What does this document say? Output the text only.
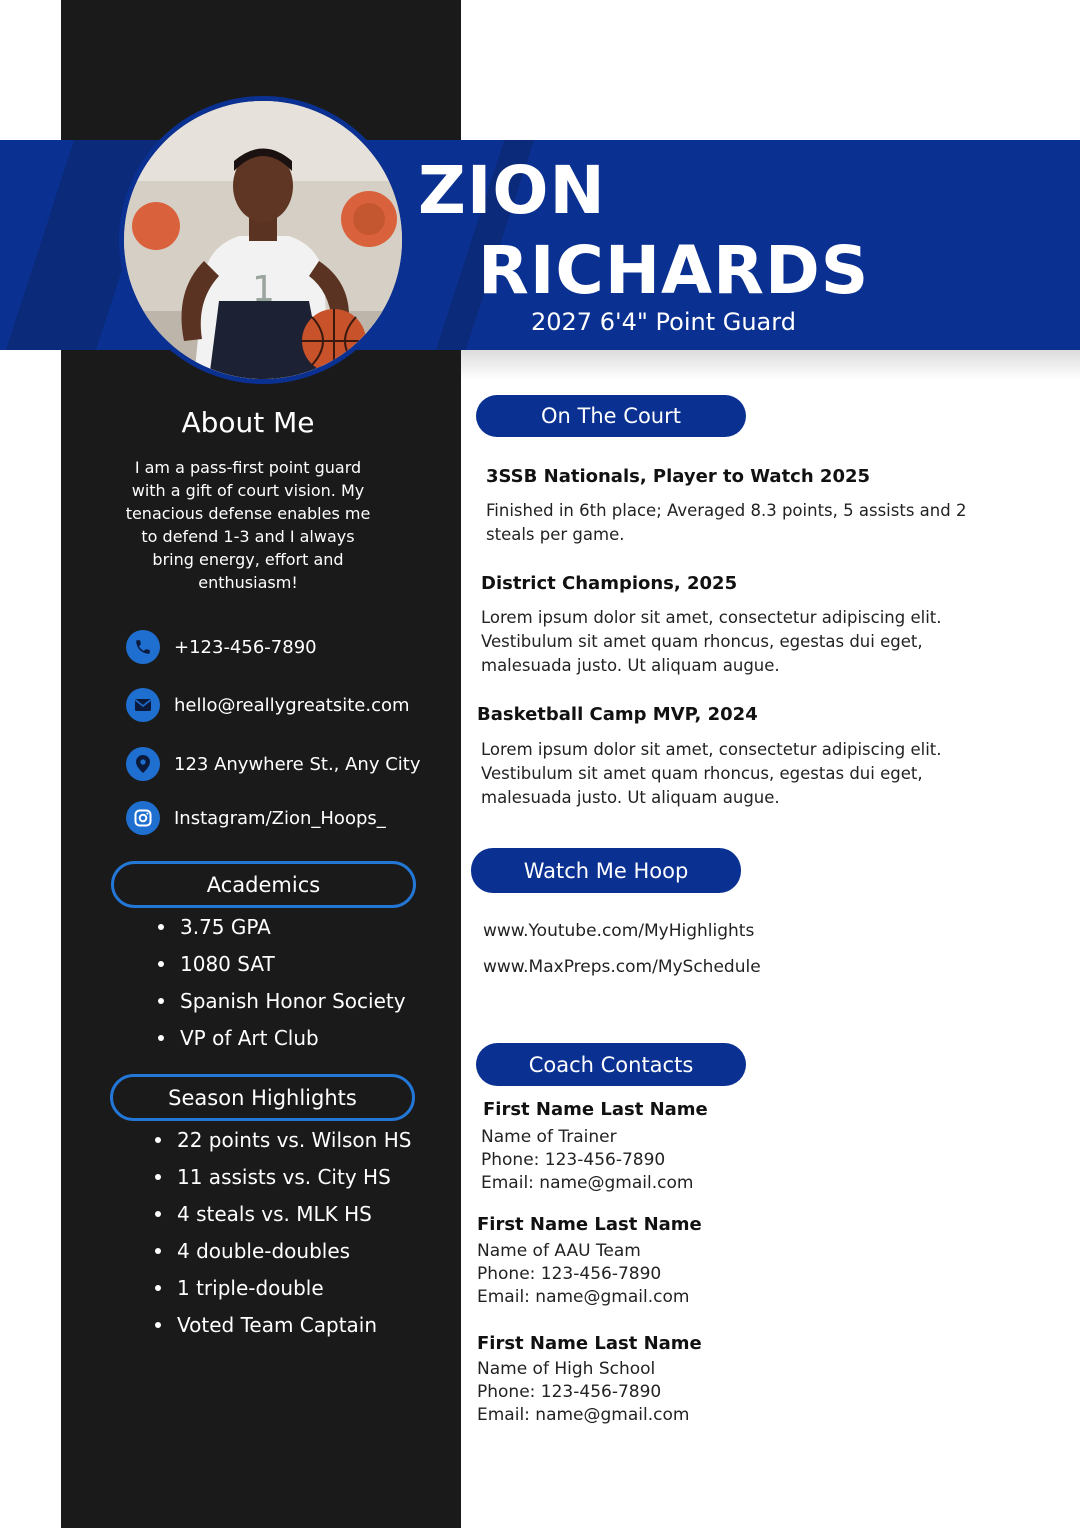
1
ZION
RICHARDS
2027 6'4" Point Guard
About Me
I am a pass-first point guard with a gift of court vision. My tenacious defense enables me to defend 1-3 and I always bring energy, effort and enthusiasm!
+123-456-7890
hello@reallygreatsite.com
123 Anywhere St., Any City
Instagram/Zion_Hoops_
Academics
3.75 GPA
1080 SAT
Spanish Honor Society
VP of Art Club
Season Highlights
22 points vs. Wilson HS
11 assists vs. City HS
4 steals vs. MLK HS
4 double-doubles
1 triple-double
Voted Team Captain
On The Court
3SSB Nationals, Player to Watch 2025
Finished in 6th place; Averaged 8.3 points, 5 assists and 2 steals per game.
District Champions, 2025
Lorem ipsum dolor sit amet, consectetur adipiscing elit. Vestibulum sit amet quam rhoncus, egestas dui eget, malesuada justo. Ut aliquam augue.
Basketball Camp MVP, 2024
Lorem ipsum dolor sit amet, consectetur adipiscing elit. Vestibulum sit amet quam rhoncus, egestas dui eget, malesuada justo. Ut aliquam augue.
Watch Me Hoop
www.Youtube.com/MyHighlights
www.MaxPreps.com/MySchedule
Coach Contacts
First Name Last Name
Name of Trainer
Phone: 123-456-7890
Email: name@gmail.com
First Name Last Name
Name of AAU Team
Phone: 123-456-7890
Email: name@gmail.com
First Name Last Name
Name of High School
Phone: 123-456-7890
Email: name@gmail.com
